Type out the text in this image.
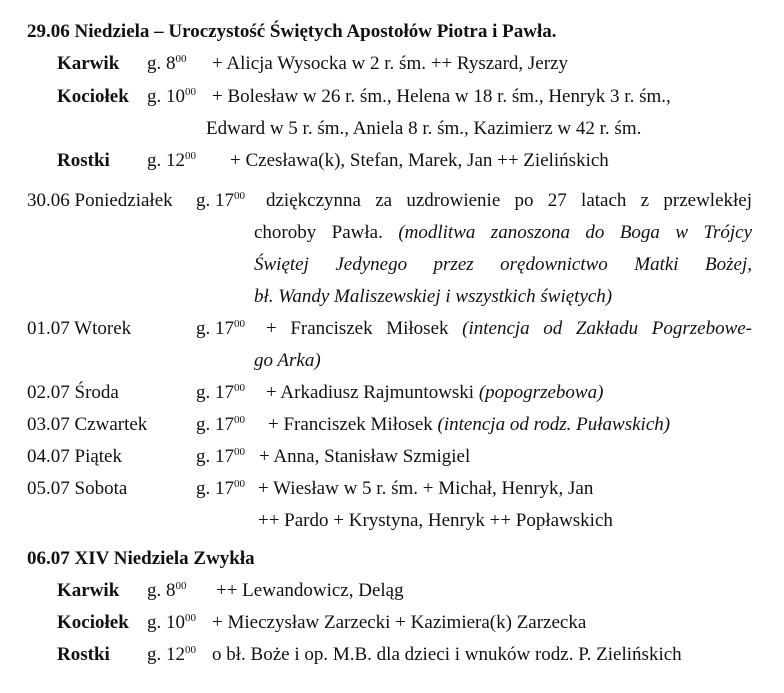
29.06 Niedziela – Uroczystość Świętych Apostołów Piotra i Pawła.
Karwik g. $8^{00}$ + Alicja Wysocka w 2 r. śm. ++ Ryszard, Jerzy
Kociołek g. $10^{00}$ + Bolesław w 26 r. śm., Helena w 18 r. śm., Henryk 3 r. śm.,
Edward w 5 r. śm., Aniela 8 r. śm., Kazimierz w 42 r. śm.
Rostki g. $12^{00}$ + Czesława(k), Stefan, Marek, Jan ++ Zielińskich
30.06 Poniedziałek g. $17^{00}$ dziękczynna za uzdrowienie po 27 latach z przewlekłej
choroby Pawła. (modlitwa zanoszona do Boga w Trójcy
Świętej Jedynego przez orędownictwo Matki Bożej,
bł. Wandy Maliszewskiej i wszystkich świętych)
01.07 Wtorek	g. $17^{00}$ + Franciszek Miłosek (intencja od Zakładu Pogrzebowe-
go Arka)
02.07 Środa	g. $17^{00}$ + Arkadiusz Rajmuntowski (popogrzebowa)
03.07 Czwartek	g. $17^{00}$ + Franciszek Miłosek (intencja od rodz. Puławskich)
04.07 Piątek	g. $17^{00}$ + Anna, Stanisław Szmigiel
05.07 Sobota	g. $17^{00}$ + Wiesław w 5 r. śm. + Michał, Henryk, Jan
++ Pardo + Krystyna, Henryk ++ Popławskich
06.07 XIV Niedziela Zwykła
Karwik g. $8^{00}$ ++ Lewandowicz, Deląg
Kociołek g. $10^{00}$ + Mieczysław Zarzecki + Kazimiera(k) Zarzecka
Rostki g. $12^{00}$ o bł. Boże i op. M.B. dla dzieci i wnuków rodz. P. Zielińskich
